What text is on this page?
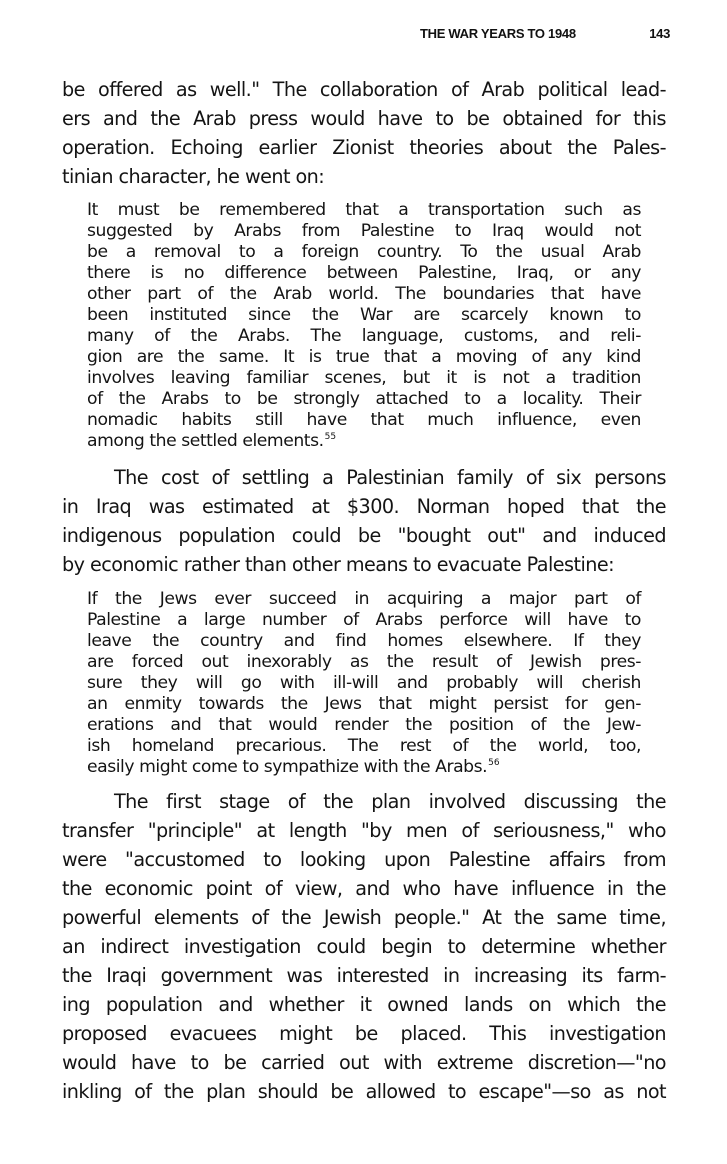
THE WAR YEARS TO 1948	143
be offered as well." The collaboration of Arab political lead-
ers and the Arab press would have to be obtained for this
operation. Echoing earlier Zionist theories about the Pales-
tinian character, he went on:
It must be remembered that a transportation such as
suggested by Arabs from Palestine to Iraq would not
be a removal to a foreign country. To the usual Arab
there is no difference between Palestine, Iraq, or any
other part of the Arab world. The boundaries that have
been instituted since the War are scarcely known to
many of the Arabs. The language, customs, and reli-
gion are the same. It is true that a moving of any kind
involves leaving familiar scenes, but it is not a tradition
of the Arabs to be strongly attached to a locality. Their
nomadic habits still have that much influence, even
among the settled elements.$^{55}$
The cost of settling a Palestinian family of six persons
in Iraq was estimated at $300. Norman hoped that the
indigenous population could be "bought out" and induced
by economic rather than other means to evacuate Palestine:
If the Jews ever succeed in acquiring a major part of
Palestine a large number of Arabs perforce will have to
leave the country and find homes elsewhere. If they
are forced out inexorably as the result of Jewish pres-
sure they will go with ill-will and probably will cherish
an enmity towards the Jews that might persist for gen-
erations and that would render the position of the Jew-
ish homeland precarious. The rest of the world, too,
easily might come to sympathize with the Arabs.$^{56}$
The first stage of the plan involved discussing the
transfer "principle" at length "by men of seriousness," who
were "accustomed to looking upon Palestine affairs from
the economic point of view, and who have influence in the
powerful elements of the Jewish people." At the same time,
an indirect investigation could begin to determine whether
the Iraqi government was interested in increasing its farm-
ing population and whether it owned lands on which the
proposed evacuees might be placed. This investigation
would have to be carried out with extreme discretion—"no
inkling of the plan should be allowed to escape"—so as not
